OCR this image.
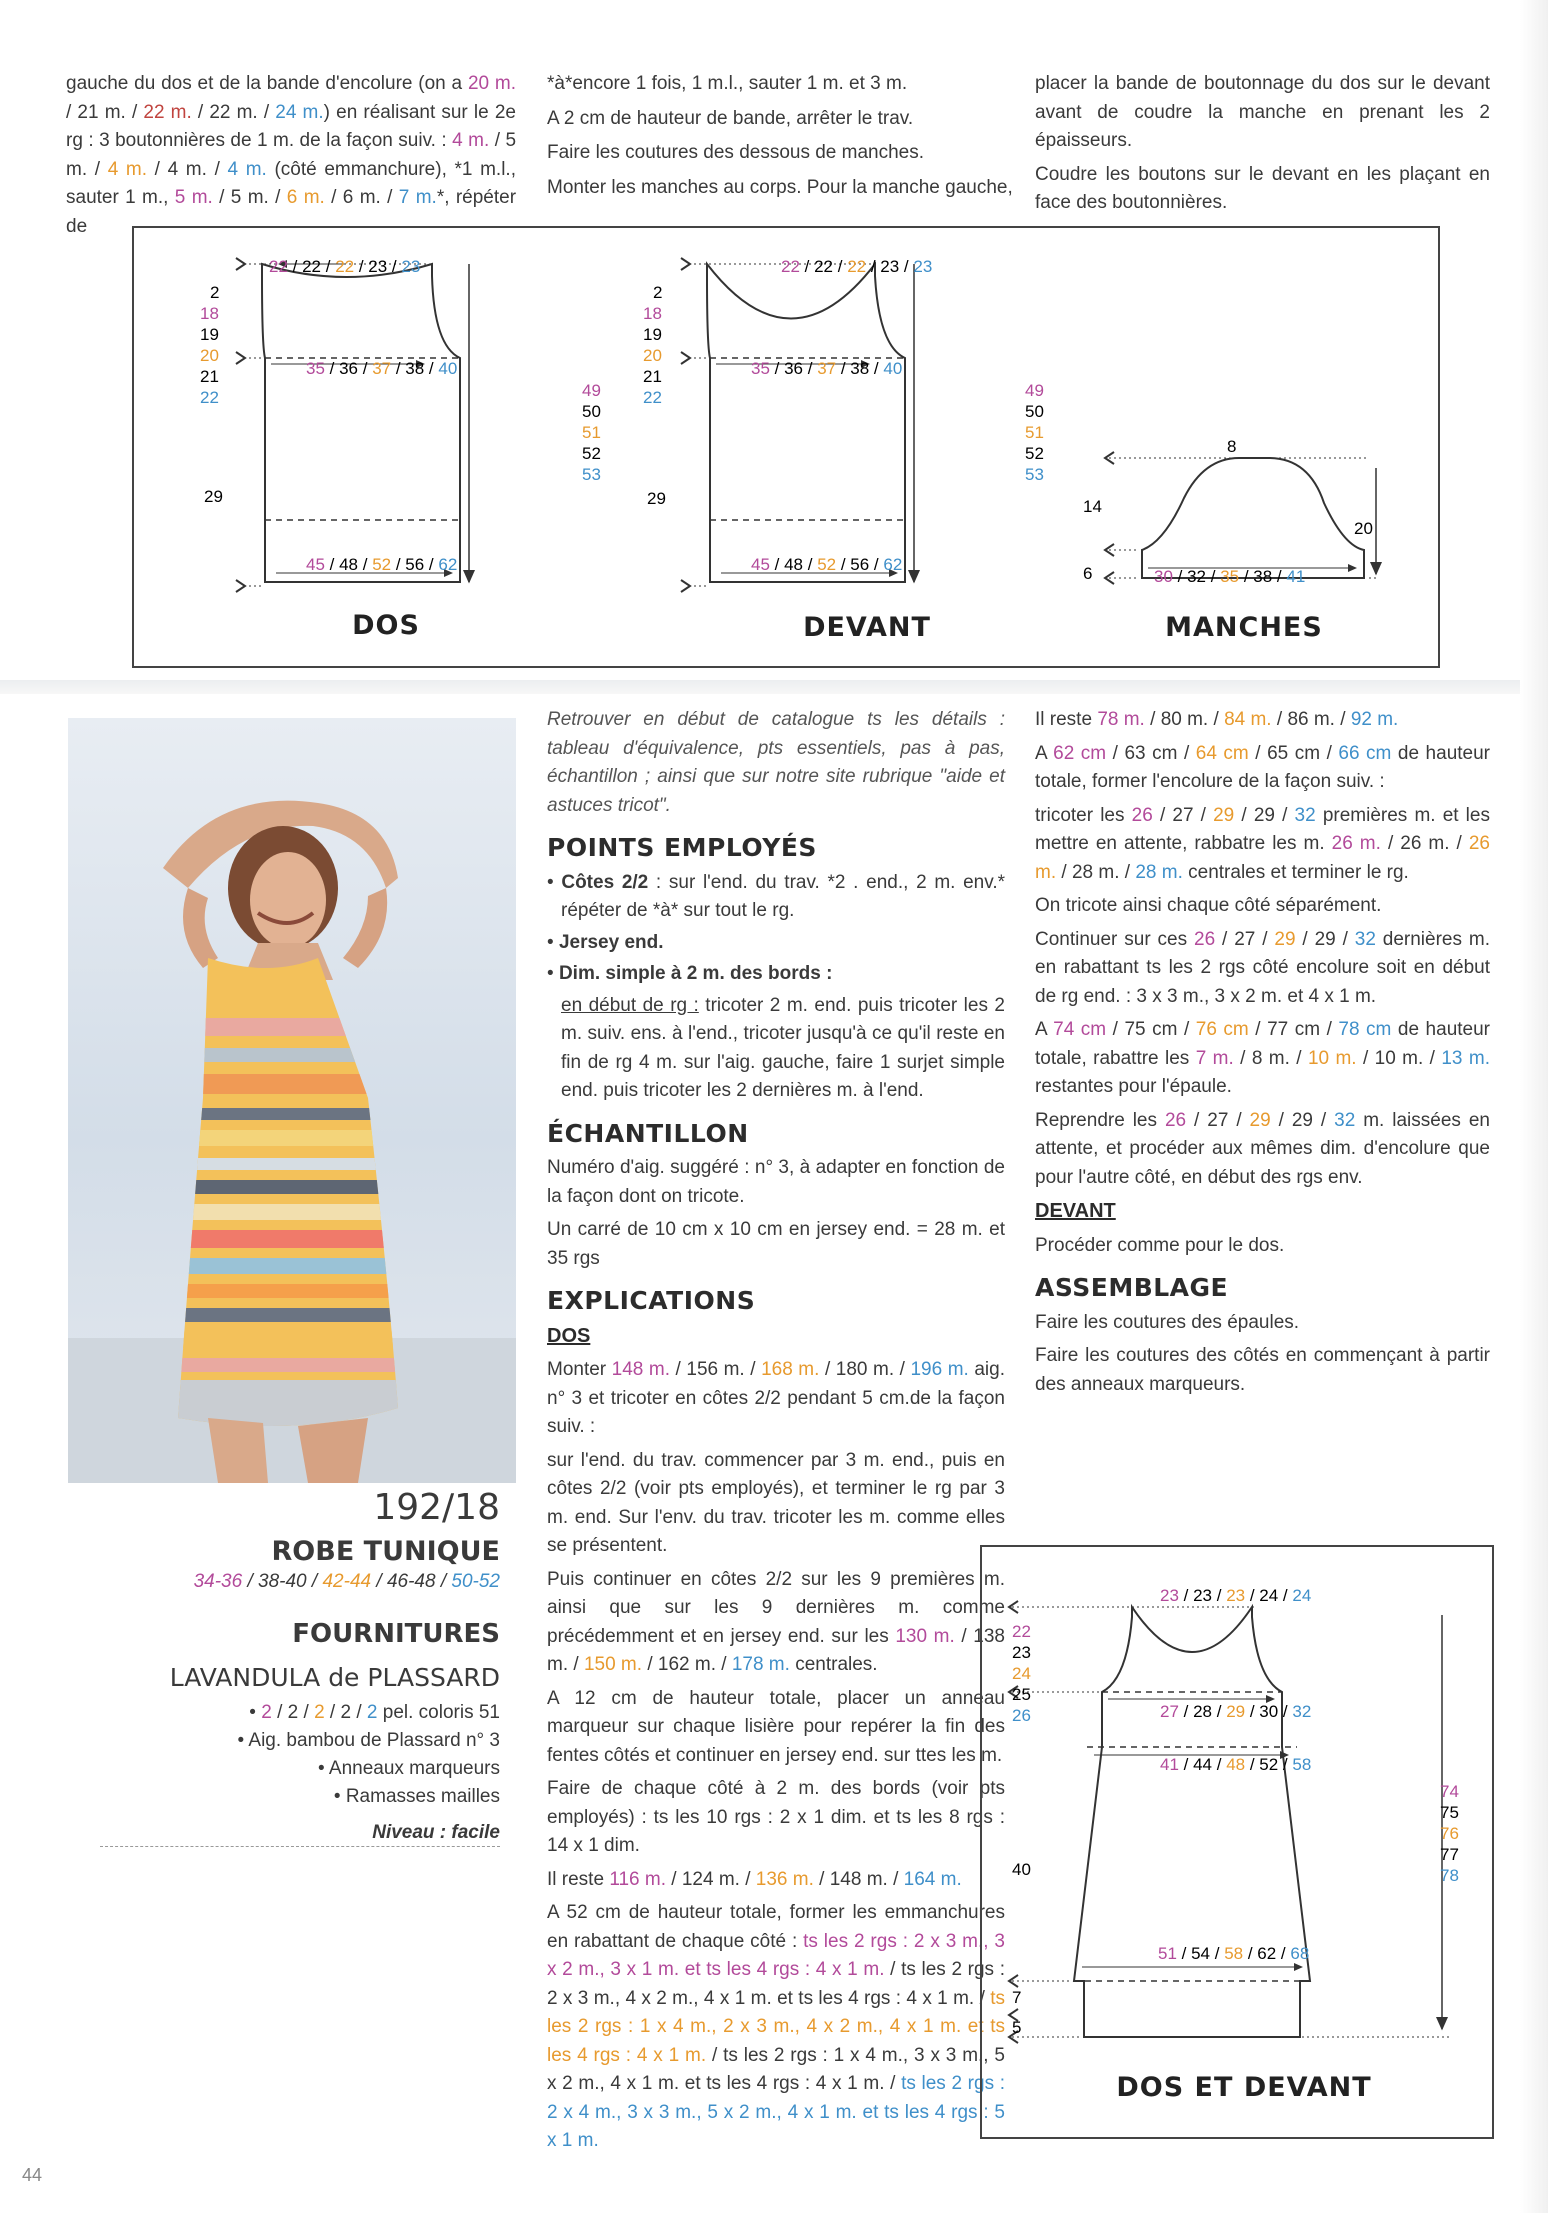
gauche du dos et de la bande d'encolure (on a 20 m. / 21 m. / 22 m. / 22 m. / 24 m.) en réalisant sur le 2e rg : 3 boutonnières de 1 m. de la façon suiv. : 4 m. / 5 m. / 4 m. / 4 m. / 4 m. (côté emmanchure), *1 m.l., sauter 1 m., 5 m. / 5 m. / 6 m. / 6 m. / 7 m.*, répéter de

*à*encore 1 fois, 1 m.l., sauter 1 m. et 3 m.

A 2 cm de hauteur de bande, arrêter le trav.

Faire les coutures des dessous de manches.

Monter les manches au corps. Pour la manche gauche,

placer la bande de boutonnage du dos sur le devant avant de coudre la manche en prenant les 2 épaisseurs.

Coudre les boutons sur le devant en les plaçant en face des boutonnières.

22 / 22 / 22 / 23 / 23
35 / 36 / 37 / 38 / 40
45 / 48 / 52 / 56 / 62
2
18
19
20
21
22
29
49
50
51
52
53
DOS
22 / 22 / 22 / 23 / 23
35 / 36 / 37 / 38 / 40
45 / 48 / 52 / 56 / 62
2
18
19
20
21
22
29
49
50
51
52
53
DEVANT
8
14
6
20
30 / 32 / 35 / 38 / 41
MANCHES
192/18
ROBE TUNIQUE
34-36 / 38-40 / 42-44 / 46-48 / 50-52
FOURNITURES
LAVANDULA de PLASSARD
• 2 / 2 / 2 / 2 / 2 pel. coloris 51
• Aig. bambou de Plassard n° 3
• Anneaux marqueurs
• Ramasses mailles
Niveau : facile

Retrouver en début de catalogue ts les détails : tableau d'équivalence, pts essentiels, pas à pas, échantillon ; ainsi que sur notre site rubrique "aide et astuces tricot".

POINTS EMPLOYÉS
• Côtes 2/2 : sur l'end. du trav. *2 . end., 2 m. env.* répéter de *à* sur tout le rg.
• Jersey end.
• Dim. simple à 2 m. des bords :

en début de rg : tricoter 2 m. end. puis tricoter les 2 m. suiv. ens. à l'end., tricoter jusqu'à ce qu'il reste en fin de rg 4 m. sur l'aig. gauche, faire 1 surjet simple end. puis tricoter les 2 dernières m. à l'end.

ÉCHANTILLON

Numéro d'aig. suggéré : n° 3, à adapter en fonction de la façon dont on tricote.

Un carré de 10 cm x 10 cm en jersey end. = 28 m. et 35 rgs

EXPLICATIONS
DOS

Monter 148 m. / 156 m. / 168 m. / 180 m. / 196 m. aig. n° 3 et tricoter en côtes 2/2 pendant 5 cm.de la façon suiv. :

sur l'end. du trav. commencer par 3 m. end., puis en côtes 2/2 (voir pts employés), et terminer le rg par 3 m. end. Sur l'env. du trav. tricoter les m. comme elles se présentent.

Puis continuer en côtes 2/2 sur les 9 premières m. ainsi que sur les 9 dernières m. comme précédemment et en jersey end. sur les 130 m. / 138 m. / 150 m. / 162 m. / 178 m. centrales.

A 12 cm de hauteur totale, placer un anneau marqueur sur chaque lisière pour repérer la fin des fentes côtés et continuer en jersey end. sur ttes les m.

Faire de chaque côté à 2 m. des bords (voir pts employés) : ts les 10 rgs : 2 x 1 dim. et ts les 8 rgs : 14 x 1 dim.

Il reste 116 m. / 124 m. / 136 m. / 148 m. / 164 m.

A 52 cm de hauteur totale, former les emmanchures en rabattant de chaque côté : ts les 2 rgs : 2 x 3 m., 3 x 2 m., 3 x 1 m. et ts les 4 rgs : 4 x 1 m. / ts les 2 rgs : 2 x 3 m., 4 x 2 m., 4 x 1 m. et ts les 4 rgs : 4 x 1 m. / ts les 2 rgs : 1 x 4 m., 2 x 3 m., 4 x 2 m., 4 x 1 m. et ts les 4 rgs : 4 x 1 m. / ts les 2 rgs : 1 x 4 m., 3 x 3 m., 5 x 2 m., 4 x 1 m. et ts les 4 rgs : 4 x 1 m. / ts les 2 rgs : 2 x 4 m., 3 x 3 m., 5 x 2 m., 4 x 1 m. et ts les 4 rgs : 5 x 1 m.

Il reste 78 m. / 80 m. / 84 m. / 86 m. / 92 m.

A 62 cm / 63 cm / 64 cm / 65 cm / 66 cm de hauteur totale, former l'encolure de la façon suiv. :

tricoter les 26 / 27 / 29 / 29 / 32 premières m. et les mettre en attente, rabbatre les m. 26 m. / 26 m. / 26 m. / 28 m. / 28 m. centrales et terminer le rg.

On tricote ainsi chaque côté séparément.

Continuer sur ces 26 / 27 / 29 / 29 / 32 dernières m. en rabattant ts les 2 rgs côté encolure soit en début de rg end. : 3 x 3 m., 3 x 2 m. et 4 x 1 m.

A 74 cm / 75 cm / 76 cm / 77 cm / 78 cm de hauteur totale, rabattre les 7 m. / 8 m. / 10 m. / 10 m. / 13 m. restantes pour l'épaule.

Reprendre les 26 / 27 / 29 / 29 / 32 m. laissées en attente, et procéder aux mêmes dim. d'encolure que pour l'autre côté, en début des rgs env.

DEVANT

Procéder comme pour le dos.

ASSEMBLAGE

Faire les coutures des épaules.

Faire les coutures des côtés en commençant à partir des anneaux marqueurs.

23 / 23 / 23 / 24 / 24
27 / 28 / 29 / 30 / 32
41 / 44 / 48 / 52 / 58
51 / 54 / 58 / 62 / 68
22
23
24
25
26
40
7
5
74
75
76
77
78
DOS ET DEVANT
44
